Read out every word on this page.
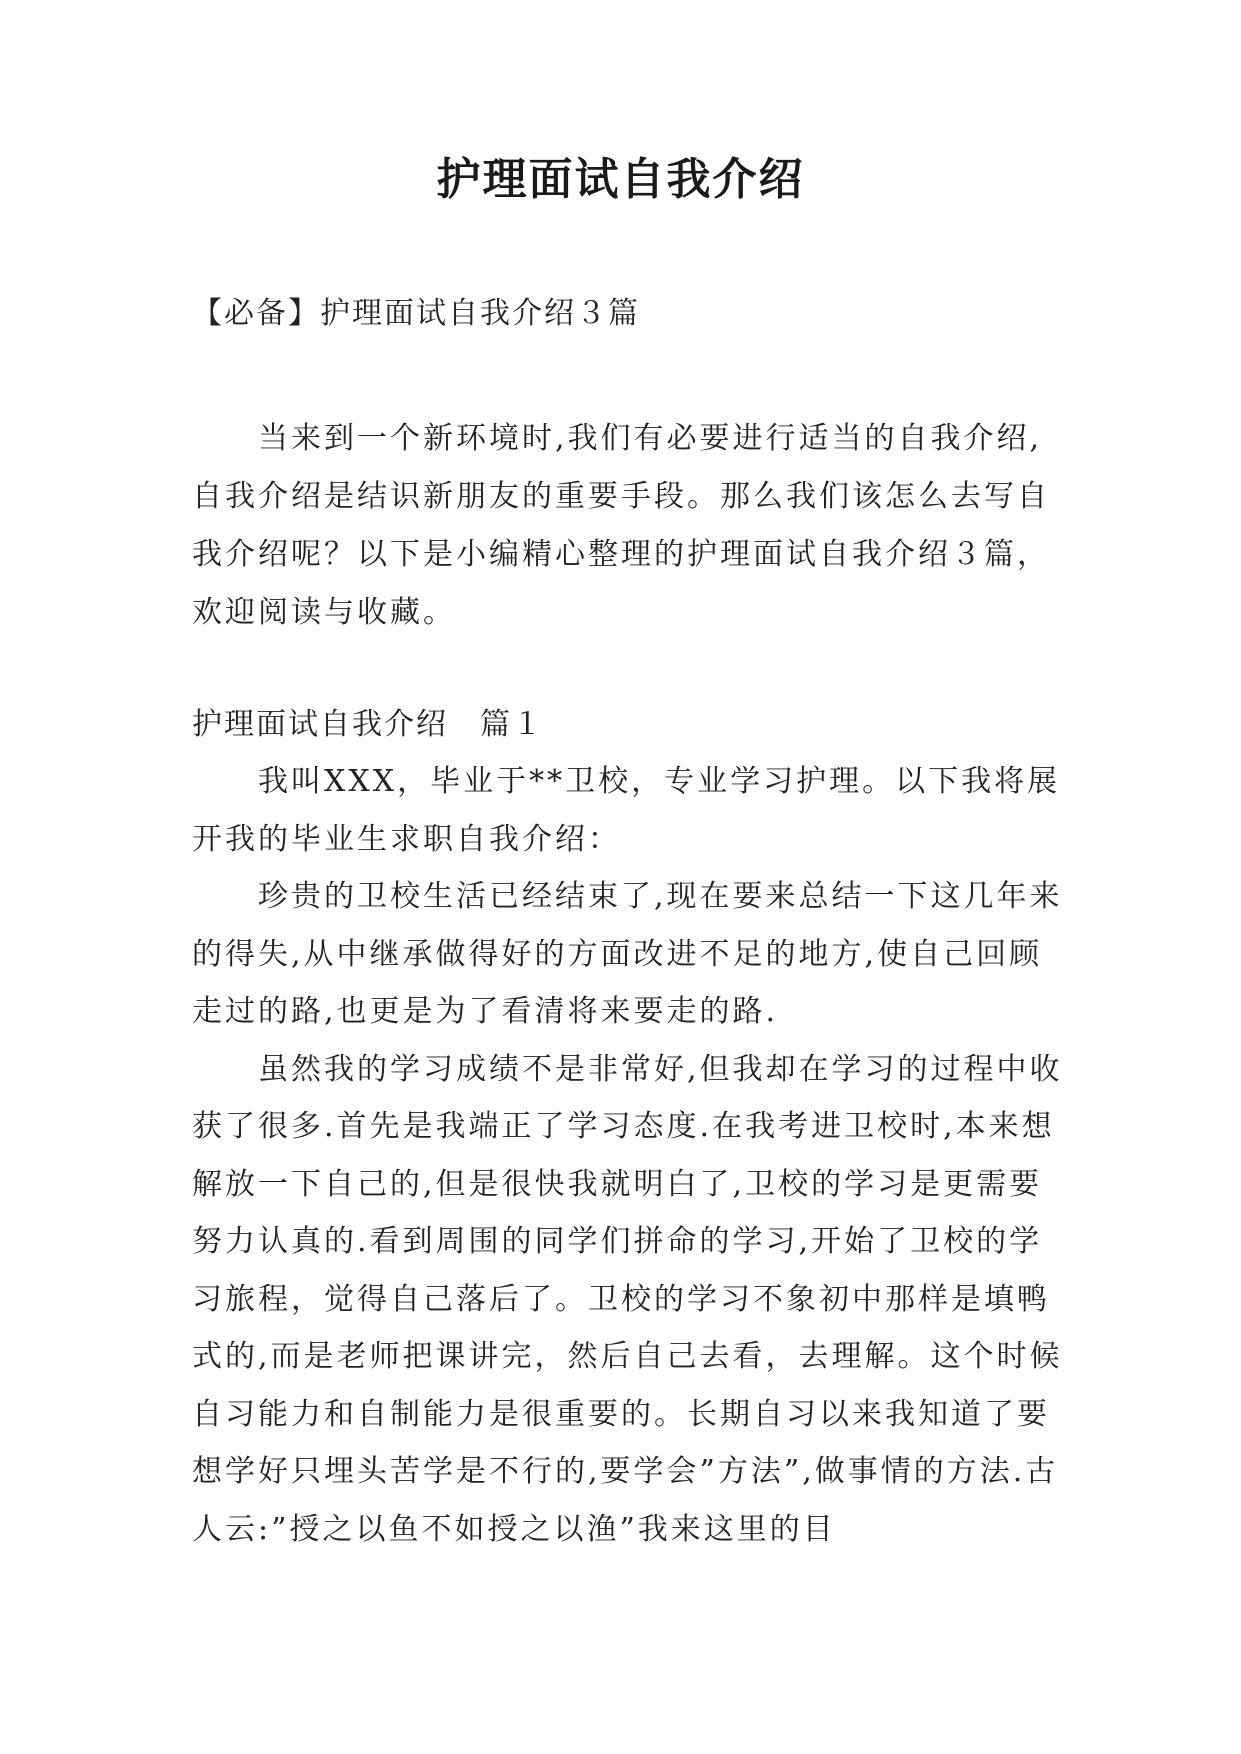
护理面试自我介绍
【必备】护理面试自我介绍３篇
当来到一个新环境时,我们有必要进行适当的自我介绍,自我介绍是结识新朋友的重要手段。那么我们该怎么去写自我介绍呢？以下是小编精心整理的护理面试自我介绍３篇，欢迎阅读与收藏。
护理面试自我介绍　篇１

我叫XXX，毕业于**卫校，专业学习护理。以下我将展开我的毕业生求职自我介绍：

珍贵的卫校生活已经结束了,现在要来总结一下这几年来的得失,从中继承做得好的方面改进不足的地方,使自己回顾走过的路,也更是为了看清将来要走的路.

虽然我的学习成绩不是非常好,但我却在学习的过程中收获了很多.首先是我端正了学习态度.在我考进卫校时,本来想解放一下自己的,但是很快我就明白了,卫校的学习是更需要努力认真的.看到周围的同学们拼命的学习,开始了卫校的学习旅程，觉得自己落后了。卫校的学习不象初中那样是填鸭式的,而是老师把课讲完，然后自己去看，去理解。这个时候自习能力和自制能力是很重要的。长期自习以来我知道了要想学好只埋头苦学是不行的,要学会”方法”,做事情的方法.古人云:”授之以鱼不如授之以渔”我来这里的目
